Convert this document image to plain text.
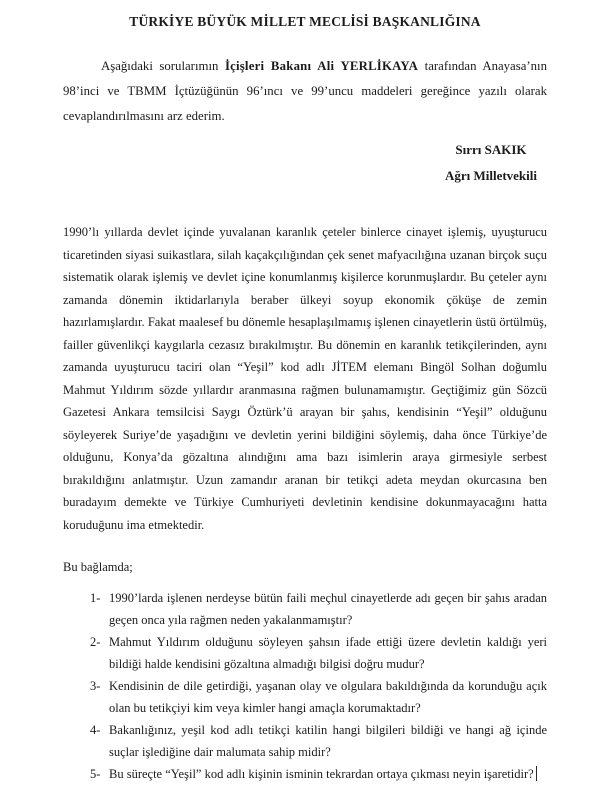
TÜRKİYE BÜYÜK MİLLET MECLİSİ BAŞKANLIĞINA

Aşağıdaki sorularımın İçişleri Bakanı Ali YERLİKAYA tarafından Anayasa’nın 98’inci ve TBMM İçtüzüğünün 96’ıncı ve 99’uncu maddeleri gereğince yazılı olarak cevaplandırılmasını arz ederim.

Sırrı SAKIK
Ağrı Milletvekili

1990’lı yıllarda devlet içinde yuvalanan karanlık çeteler binlerce cinayet işlemiş, uyuşturucu ticaretinden siyasi suikastlara, silah kaçakçılığından çek senet mafyacılığına uzanan birçok suçu sistematik olarak işlemiş ve devlet içine konumlanmış kişilerce korunmuşlardır. Bu çeteler aynı zamanda dönemin iktidarlarıyla beraber ülkeyi soyup ekonomik çöküşe de zemin hazırlamışlardır. Fakat maalesef bu dönemle hesaplaşılmamış işlenen cinayetlerin üstü örtülmüş, failler güvenlikçi kaygılarla cezasız bırakılmıştır. Bu dönemin en karanlık tetikçilerinden, aynı zamanda uyuşturucu taciri olan “Yeşil” kod adlı JİTEM elemanı Bingöl Solhan doğumlu Mahmut Yıldırım sözde yıllardır aranmasına rağmen bulunamamıştır. Geçtiğimiz gün Sözcü Gazetesi Ankara temsilcisi Saygı Öztürk’ü arayan bir şahıs, kendisinin “Yeşil” olduğunu söyleyerek Suriye’de yaşadığını ve devletin yerini bildiğini söylemiş, daha önce Türkiye’de olduğunu, Konya’da gözaltına alındığını ama bazı isimlerin araya girmesiyle serbest bırakıldığını anlatmıştır. Uzun zamandır aranan bir tetikçi adeta meydan okurcasına ben buradayım demekte ve Türkiye Cumhuriyeti devletinin kendisine dokunmayacağını hatta koruduğunu ima etmektedir.

Bu bağlamda;

1- 1990’larda işlenen nerdeyse bütün faili meçhul cinayetlerde adı geçen bir şahıs aradan geçen onca yıla rağmen neden yakalanmamıştır?
2- Mahmut Yıldırım olduğunu söyleyen şahsın ifade ettiği üzere devletin kaldığı yeri bildiği halde kendisini gözaltına almadığı bilgisi doğru mudur?
3- Kendisinin de dile getirdiği, yaşanan olay ve olgulara bakıldığında da korunduğu açık olan bu tetikçiyi kim veya kimler hangi amaçla korumaktadır?
4- Bakanlığınız, yeşil kod adlı tetikçi katilin hangi bilgileri bildiği ve hangi ağ içinde suçlar işlediğine dair malumata sahip midir?
5- Bu süreçte “Yeşil” kod adlı kişinin isminin tekrardan ortaya çıkması neyin işaretidir?
